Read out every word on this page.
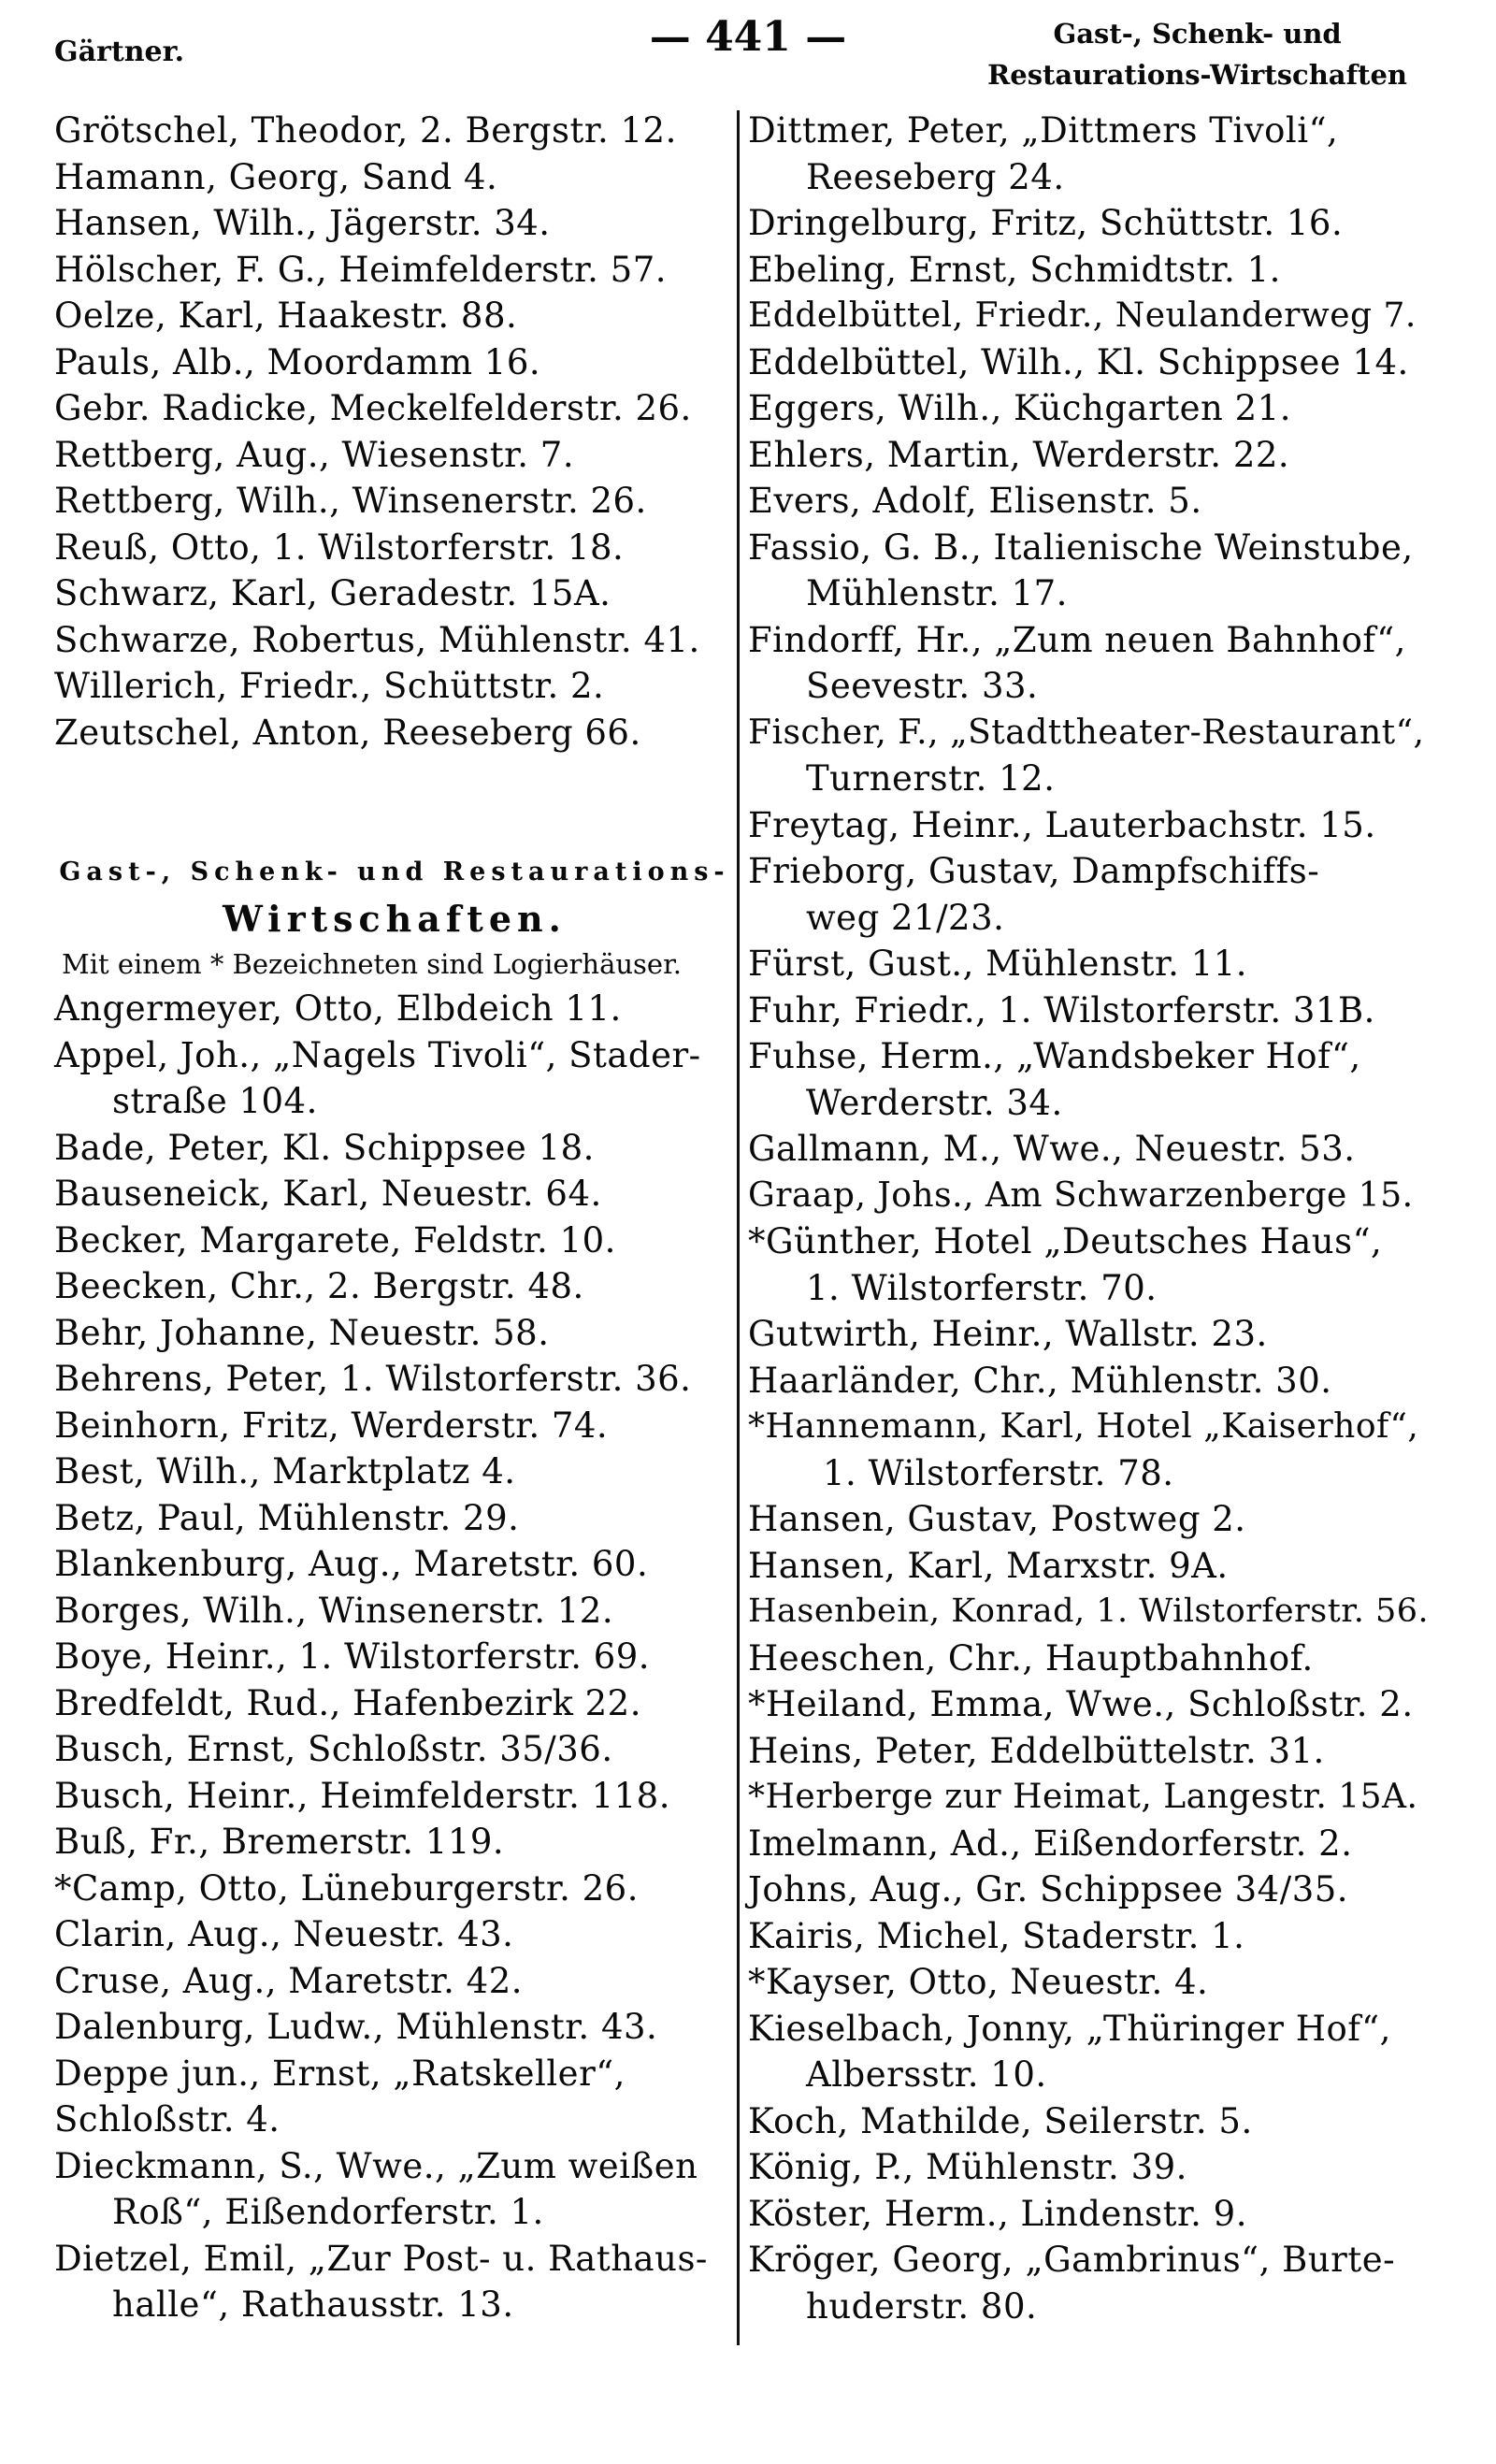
Gärtner.	— 441 —	Gast-, Schenk- und
Restaurations-Wirtschaften
Grötschel, Theodor, 2. Bergstr. 12.
Hamann, Georg, Sand 4.
Hansen, Wilh., Jägerstr. 34.
Hölscher, F. G., Heimfelderstr. 57.
Oelze, Karl, Haakestr. 88.
Pauls, Alb., Moordamm 16.
Gebr. Radicke, Meckelfelderstr. 26.
Rettberg, Aug., Wiesenstr. 7.
Rettberg, Wilh., Winsenerstr. 26.
Reuß, Otto, 1. Wilstorferstr. 18.
Schwarz, Karl, Geradestr. 15A.
Schwarze, Robertus, Mühlenstr. 41.
Willerich, Friedr., Schüttstr. 2.
Zeutschel, Anton, Reeseberg 66.
Gast-, Schenk- und Restaurations-
Wirtschaften.
Mit einem * Bezeichneten sind Logierhäuser.
Angermeyer, Otto, Elbdeich 11.
Appel, Joh., „Nagels Tivoli“, Stader-
straße 104.
Bade, Peter, Kl. Schippsee 18.
Bauseneick, Karl, Neuestr. 64.
Becker, Margarete, Feldstr. 10.
Beecken, Chr., 2. Bergstr. 48.
Behr, Johanne, Neuestr. 58.
Behrens, Peter, 1. Wilstorferstr. 36.
Beinhorn, Fritz, Werderstr. 74.
Best, Wilh., Marktplatz 4.
Betz, Paul, Mühlenstr. 29.
Blankenburg, Aug., Maretstr. 60.
Borges, Wilh., Winsenerstr. 12.
Boye, Heinr., 1. Wilstorferstr. 69.
Bredfeldt, Rud., Hafenbezirk 22.
Busch, Ernst, Schloßstr. 35/36.
Busch, Heinr., Heimfelderstr. 118.
Buß, Fr., Bremerstr. 119.
*Camp, Otto, Lüneburgerstr. 26.
Clarin, Aug., Neuestr. 43.
Cruse, Aug., Maretstr. 42.
Dalenburg, Ludw., Mühlenstr. 43.
Deppe jun., Ernst, „Ratskeller“,
Schloßstr. 4.
Dieckmann, S., Wwe., „Zum weißen
Roß“, Eißendorferstr. 1.
Dietzel, Emil, „Zur Post- u. Rathaus-
halle“, Rathausstr. 13.
Dittmer, Peter, „Dittmers Tivoli“,
Reeseberg 24.
Dringelburg, Fritz, Schüttstr. 16.
Ebeling, Ernst, Schmidtstr. 1.
Eddelbüttel, Friedr., Neulanderweg 7.
Eddelbüttel, Wilh., Kl. Schippsee 14.
Eggers, Wilh., Küchgarten 21.
Ehlers, Martin, Werderstr. 22.
Evers, Adolf, Elisenstr. 5.
Fassio, G. B., Italienische Weinstube,
Mühlenstr. 17.
Findorff, Hr., „Zum neuen Bahnhof“,
Seevestr. 33.
Fischer, F., „Stadttheater-Restaurant“,
Turnerstr. 12.
Freytag, Heinr., Lauterbachstr. 15.
Frieborg, Gustav, Dampfschiffs-
weg 21/23.
Fürst, Gust., Mühlenstr. 11.
Fuhr, Friedr., 1. Wilstorferstr. 31B.
Fuhse, Herm., „Wandsbeker Hof“,
Werderstr. 34.
Gallmann, M., Wwe., Neuestr. 53.
Graap, Johs., Am Schwarzenberge 15.
*Günther, Hotel „Deutsches Haus“,
1. Wilstorferstr. 70.
Gutwirth, Heinr., Wallstr. 23.
Haarländer, Chr., Mühlenstr. 30.
*Hannemann, Karl, Hotel „Kaiserhof“,
1. Wilstorferstr. 78.
Hansen, Gustav, Postweg 2.
Hansen, Karl, Marxstr. 9A.
Hasenbein, Konrad, 1. Wilstorferstr. 56.
Heeschen, Chr., Hauptbahnhof.
*Heiland, Emma, Wwe., Schloßstr. 2.
Heins, Peter, Eddelbüttelstr. 31.
*Herberge zur Heimat, Langestr. 15A.
Imelmann, Ad., Eißendorferstr. 2.
Johns, Aug., Gr. Schippsee 34/35.
Kairis, Michel, Staderstr. 1.
*Kayser, Otto, Neuestr. 4.
Kieselbach, Jonny, „Thüringer Hof“,
Albersstr. 10.
Koch, Mathilde, Seilerstr. 5.
König, P., Mühlenstr. 39.
Köster, Herm., Lindenstr. 9.
Kröger, Georg, „Gambrinus“, Burte-
huderstr. 80.
